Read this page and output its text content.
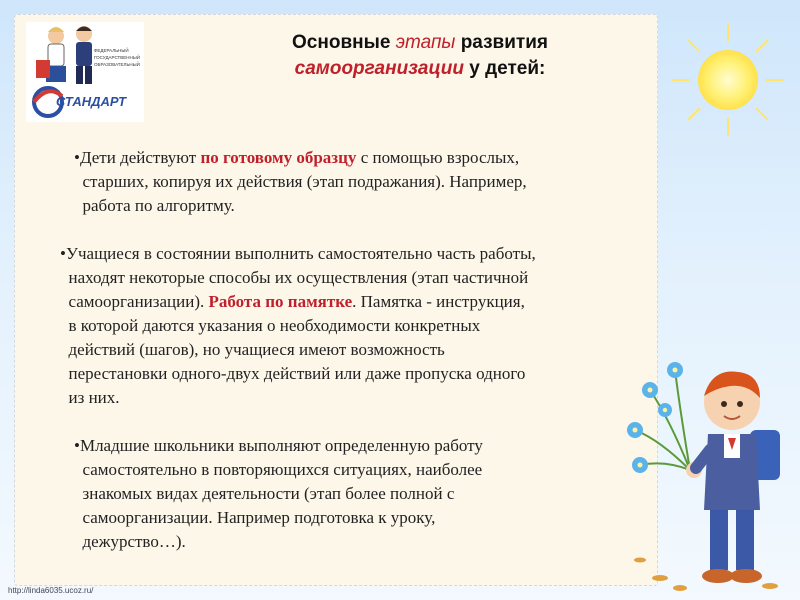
СТАНДАРТ
ФЕДЕРАЛЬНЫЙ
ГОСУДАРСТВЕННЫЙ
ОБРАЗОВАТЕЛЬНЫЙ
Основные этапы развития
самоорганизации у детей:

•Дети действуют по готовому образцу с помощью взрослых,

старших, копируя их действия (этап подражания). Например,

работа по алгоритму.

•Учащиеся в состоянии выполнить самостоятельно часть работы,

находят некоторые способы их осуществления (этап частичной

самоорганизации). Работа по памятке. Памятка - инструкция,

в которой даются указания о необходимости конкретных

действий (шагов), но учащиеся имеют возможность

перестановки одного-двух действий или даже пропуска одного

из них.

•Младшие школьники выполняют определенную работу

самостоятельно в повторяющихся ситуациях, наиболее

знакомых видах деятельности (этап более полной с

самоорганизации. Например подготовка к уроку,

дежурство…).

http://linda6035.ucoz.ru/
